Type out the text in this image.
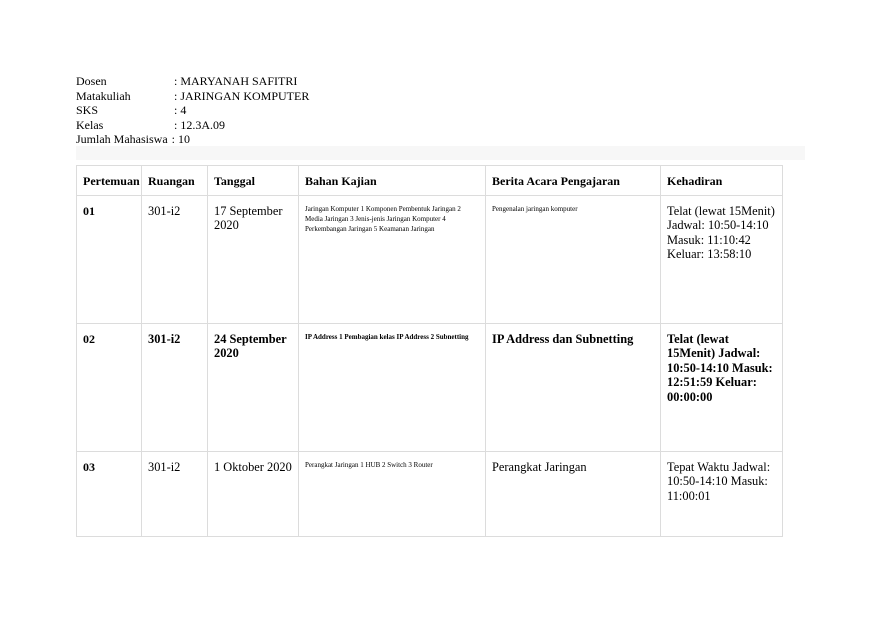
Dosen	: MARYANAH SAFITRI
Matakuliah	: JARINGAN KOMPUTER
SKS	: 4
Kelas	: 12.3A.09
Jumlah Mahasiswa : 10
Pertemuan	Ruangan	Tanggal	Bahan Kajian	Berita Acara Pengajaran	Kehadiran
01	301-i2	17 September 2020	Jaringan Komputer 1 Komponen Pembentuk Jaringan 2 Media Jaringan 3 Jenis-jenis Jaringan Komputer 4 Perkembangan Jaringan 5 Keamanan Jaringan	Pengenalan jaringan komputer	Telat (lewat 15Menit) Jadwal: 10:50-14:10 Masuk: 11:10:42 Keluar: 13:58:10
02	301-i2	24 September 2020	IP Address 1 Pembagian kelas IP Address 2 Subnetting	IP Address dan Subnetting	Telat (lewat 15Menit) Jadwal: 10:50-14:10 Masuk: 12:51:59 Keluar: 00:00:00
03	301-i2	1 Oktober 2020	Perangkat Jaringan 1 HUB 2 Switch 3 Router	Perangkat Jaringan	Tepat Waktu Jadwal: 10:50-14:10 Masuk: 11:00:01
